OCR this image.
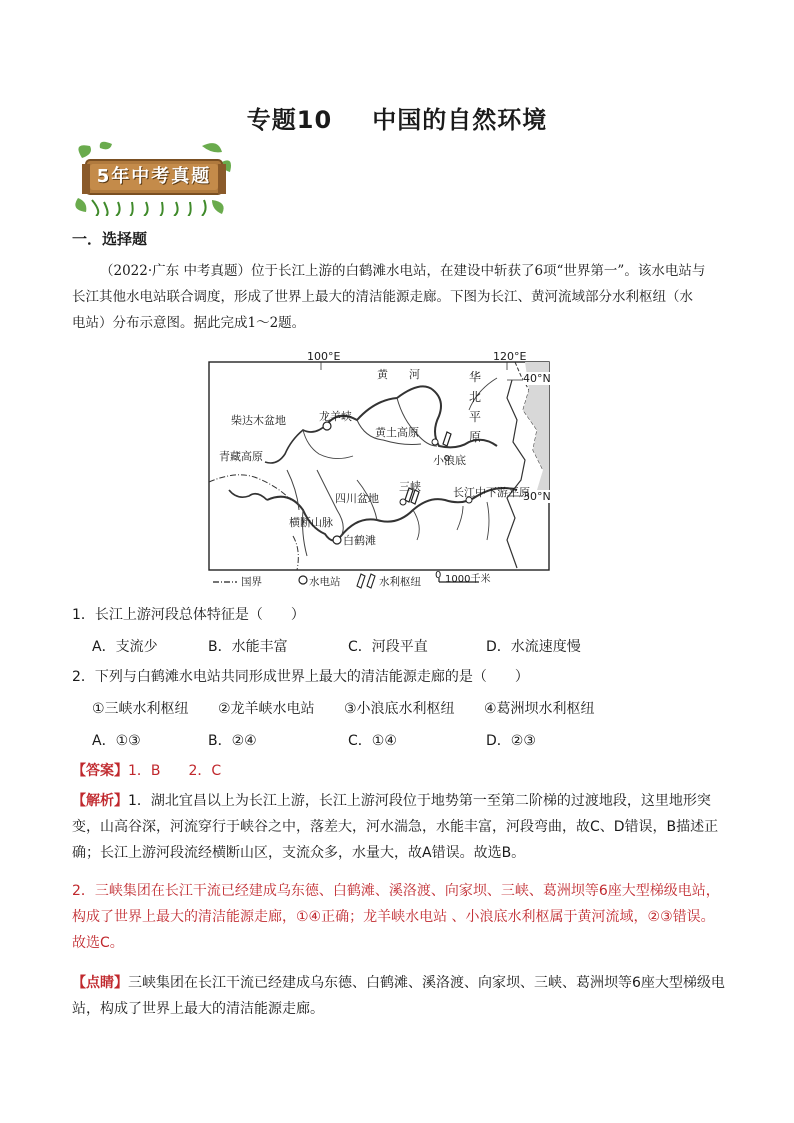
专题10 中国的自然环境
5年中考真题
一．选择题
（2022·广东 中考真题）位于长江上游的白鹤滩水电站，在建设中斩获了6项“世界第一”。该水电站与
长江其他水电站联合调度，形成了世界上最大的清洁能源走廊。下图为长江、黄河流域部分水利枢纽（水
电站）分布示意图。据此完成1～2题。
100°E	120°E
40°N
30°N
柴达木盆地
青藏高原
龙羊峡
黄土高原
小浪底
四川盆地
三峡	长江中下游平原
横断山脉
白鹤滩
黄 河	华
北
平
原
国界	水电站	水利枢纽
0 1000千米
1．长江上游河段总体特征是（　　）
A．支流少	B．水能丰富	C．河段平直	D．水流速度慢
2．下列与白鹤滩水电站共同形成世界上最大的清洁能源走廊的是（　　）
①三峡水利枢纽 ②龙羊峡水电站 ③小浪底水利枢纽 ④葛洲坝水利枢纽
A．①③	B．②④	C．①④	D．②③
【答案】1．B　　2．C
【解析】1．湖北宜昌以上为长江上游，长江上游河段位于地势第一至第二阶梯的过渡地段，这里地形突变，山高谷深，河流穿行于峡谷之中，落差大，河水湍急，水能丰富，河段弯曲，故C、D错误，B描述正确；长江上游河段流经横断山区，支流众多，水量大，故A错误。故选B。
2．三峡集团在长江干流已经建成乌东德、白鹤滩、溪洛渡、向家坝、三峡、葛洲坝等6座大型梯级电站，构成了世界上最大的清洁能源走廊，①④正确；龙羊峡水电站 、小浪底水利枢属于黄河流域，②③错误。
故选C。
【点睛】三峡集团在长江干流已经建成乌东德、白鹤滩、溪洛渡、向家坝、三峡、葛洲坝等6座大型梯级电站，构成了世界上最大的清洁能源走廊。
